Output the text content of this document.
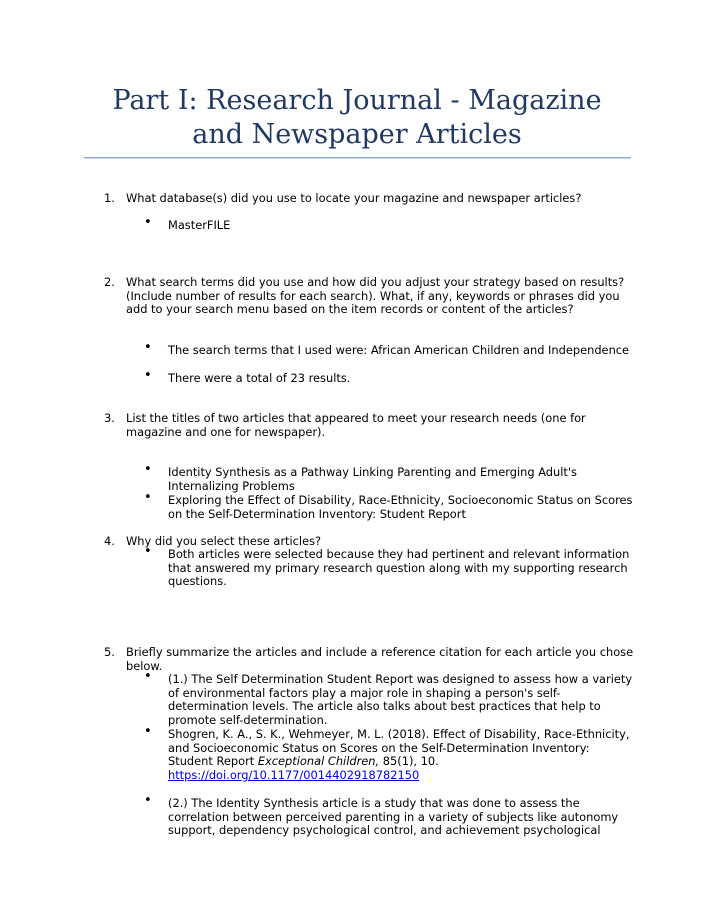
Part I: Research Journal - Magazine and Newspaper Articles

1. What database(s) did you use to locate your magazine and newspaper articles?

• MasterFILE

2. What search terms did you use and how did you adjust your strategy based on results? (Include number of results for each search). What, if any, keywords or phrases did you add to your search menu based on the item records or content of the articles?

• The search terms that I used were: African American Children and Independence

• There were a total of 23 results.

3. List the titles of two articles that appeared to meet your research needs (one for magazine and one for newspaper).

• Identity Synthesis as a Pathway Linking Parenting and Emerging Adult's Internalizing Problems

• Exploring the Effect of Disability, Race-Ethnicity, Socioeconomic Status on Scores on the Self-Determination Inventory: Student Report

4. Why did you select these articles?

• Both articles were selected because they had pertinent and relevant information that answered my primary research question along with my supporting research questions.

5. Briefly summarize the articles and include a reference citation for each article you chose below.

• (1.) The Self Determination Student Report was designed to assess how a variety of environmental factors play a major role in shaping a person's self-determination levels. The article also talks about best practices that help to promote self-determination.

• Shogren, K. A., S. K., Wehmeyer, M. L. (2018). Effect of Disability, Race-Ethnicity, and Socioeconomic Status on Scores on the Self-Determination Inventory: Student Report Exceptional Children, 85(1), 10.
https://doi.org/10.1177/0014402918782150

• (2.) The Identity Synthesis article is a study that was done to assess the correlation between perceived parenting in a variety of subjects like autonomy support, dependency psychological control, and achievement psychological
